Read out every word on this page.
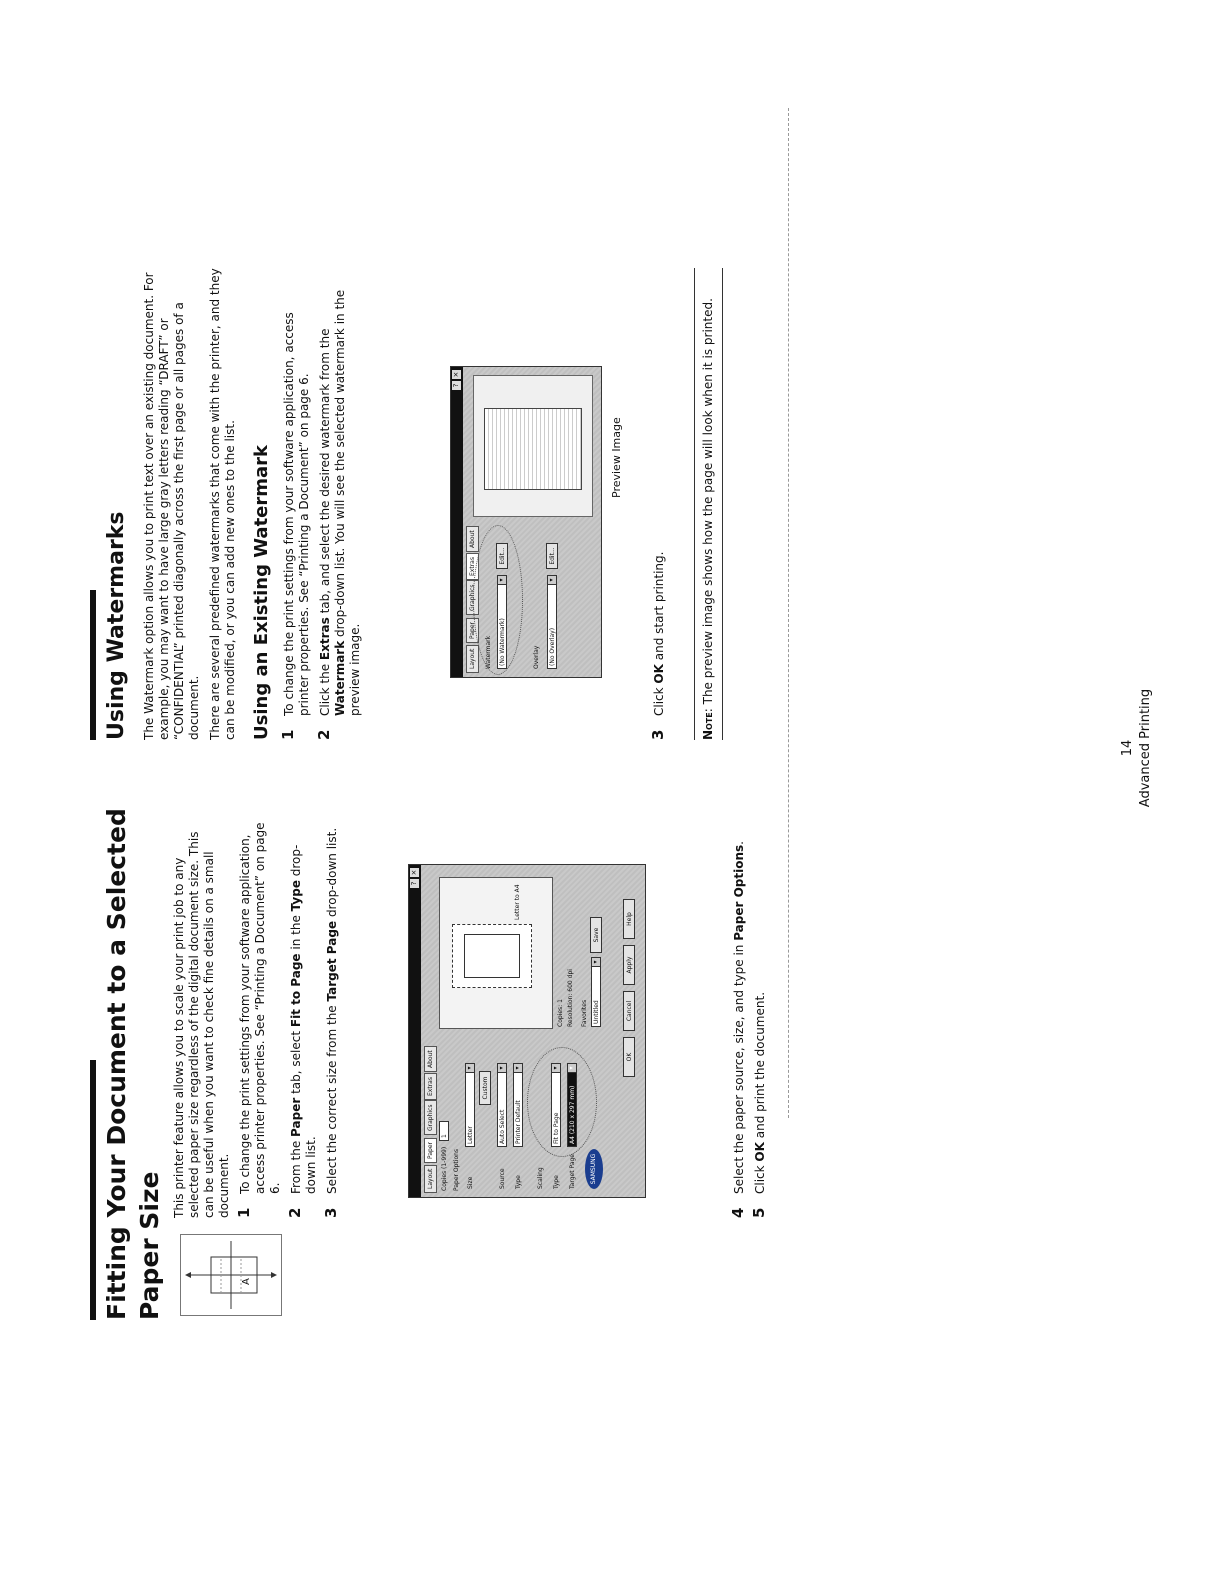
Fitting Your Document to a Selected Paper Size	A

This printer feature allows you to scale your print job to any selected paper size regardless of the digital document size. This can be useful when you want to check fine details on a small document. 1
To change the print settings from your software application, access printer properties. See “Printing a Document” on page 6.
2
From the Paper tab, select Fit to Page in the Type drop-down list.
3
Select the correct size from the Target Page drop-down list.	?
×
Layout
Paper
Graphics
Extras
About
Copies (1-999)
1
Paper Options Size
Letter
▾
Custom
Source
Auto Select
▾
Type
Printer Default
▾
Scaling Type
Fit to Page
▾
Target Page
A4 (210 x 297 mm)
▾
SAMSUNG
Letter to A4
Copies: 1 Resolution: 600 dpi Favorites Untitled
▾
Save
OK
Cancel
Apply
Help
4
Select the paper source, size, and type in Paper Options.
5
Click OK and print the document.
Using Watermarks	The Watermark option allows you to print text over an existing document. For example, you may want to have large gray letters reading “DRAFT” or “CONFIDENTIAL” printed diagonally across the first page or all pages of a document. There are several predefined watermarks that come with the printer, and they can be modified, or you can add new ones to the list. Using an Existing Watermark 1
To change the print settings from your software application, access printer properties. See “Printing a Document” on page 6.
2
Click the Extras tab, and select the desired watermark from the Watermark drop-down list. You will see the selected watermark in the preview image.
?
×
Layout
Paper
Graphics
Extras
About
Watermark	(No Watermark)
▾
Edit...
Overlay	(No Overlay)
▾
Edit...
Preview Image
3
Click OK and start printing.
Note: The preview image shows how the page will look when it is printed.
14 Advanced Printing
